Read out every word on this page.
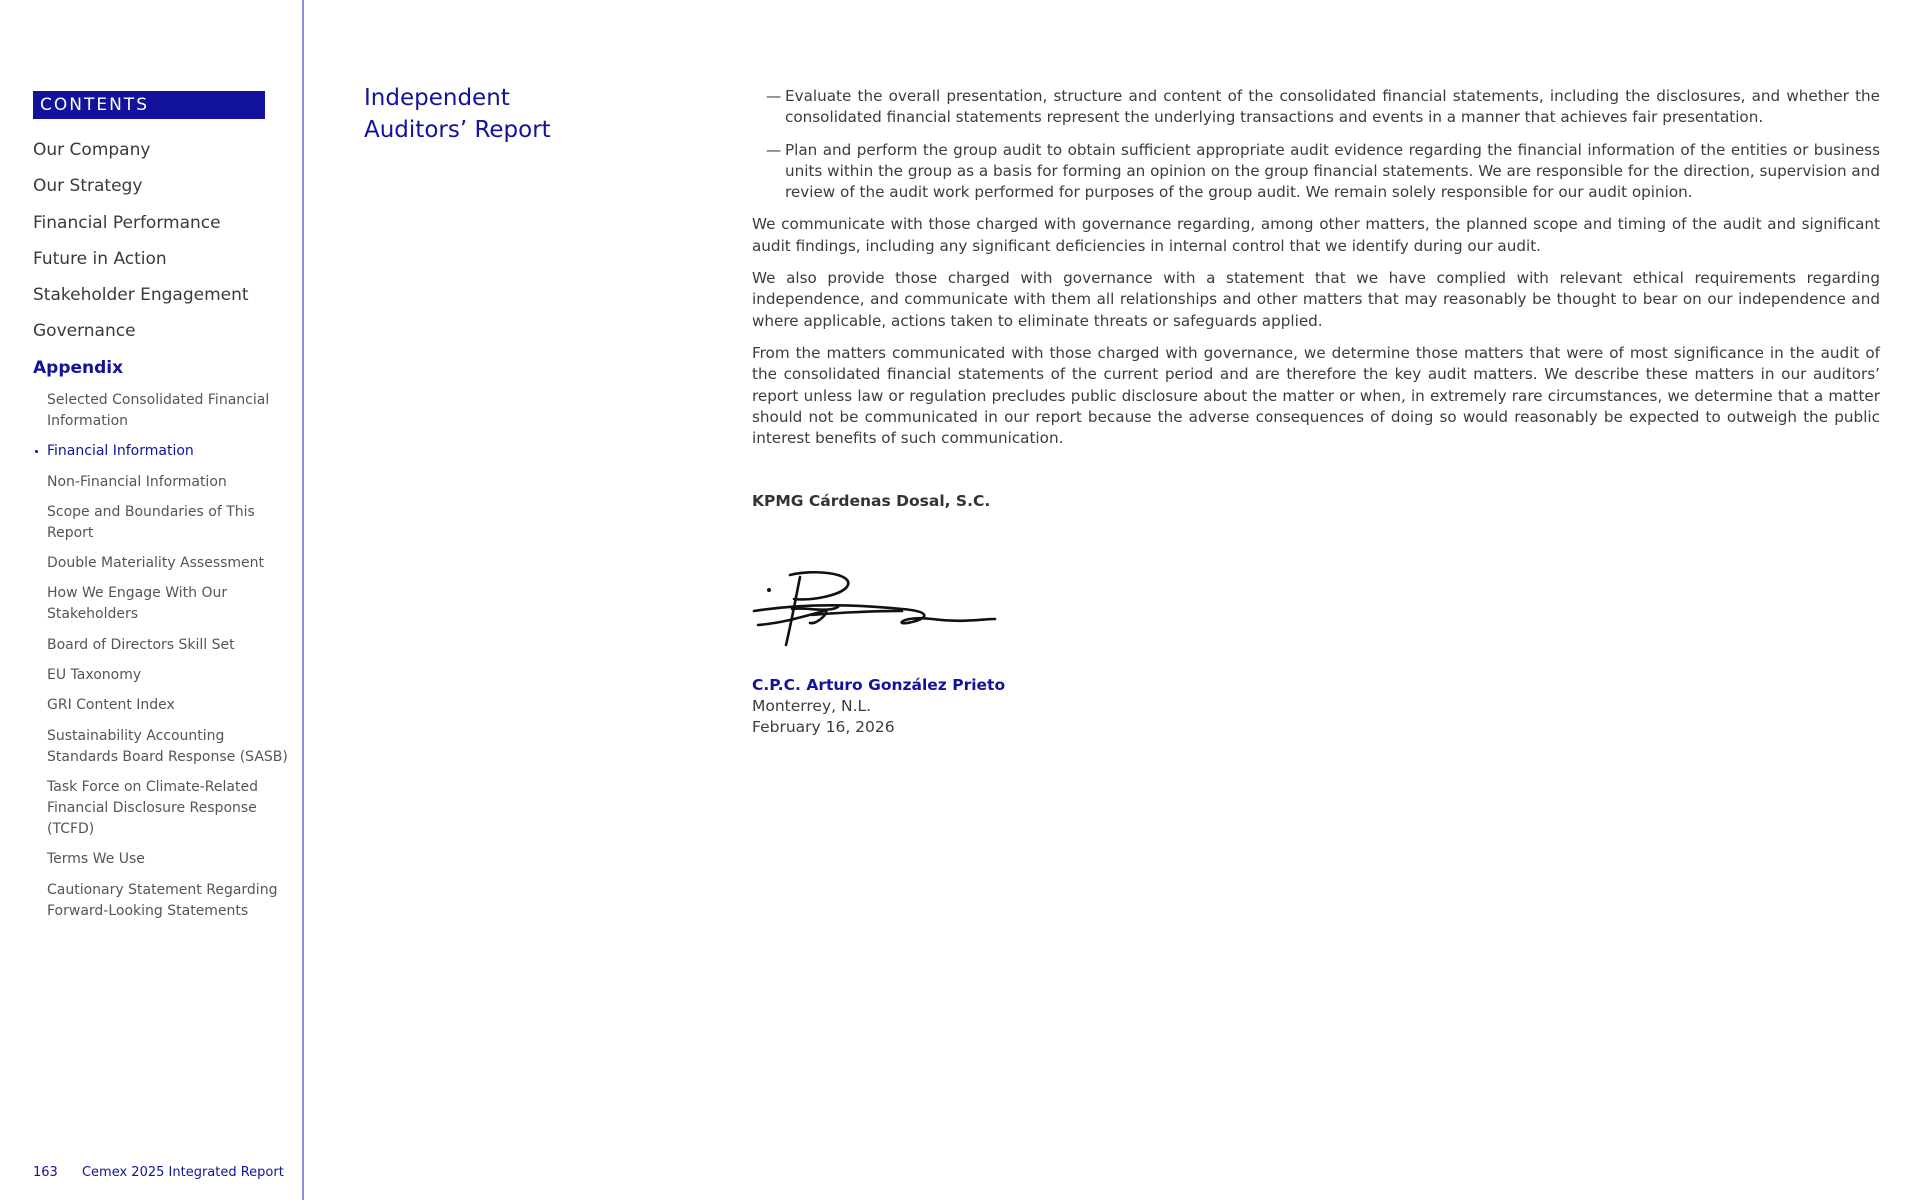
CONTENTS
Our Company
Our Strategy
Financial Performance
Future in Action
Stakeholder Engagement
Governance
Appendix
Selected Consolidated Financial Information
Financial Information
Non-Financial Information
Scope and Boundaries of This Report
Double Materiality Assessment
How We Engage With Our Stakeholders
Board of Directors Skill Set
EU Taxonomy
GRI Content Index
Sustainability Accounting Standards Board Response (SASB)
Task Force on Climate-Related Financial Disclosure Response (TCFD)
Terms We Use
Cautionary Statement Regarding Forward-Looking Statements
163 Cemex 2025 Integrated Report
Independent
Auditors’ Report

— Evaluate the overall presentation, structure and content of the consolidated financial statements, including the disclosures, and whether the consolidated financial statements represent the underlying transactions and events in a manner that achieves fair presentation.

— Plan and perform the group audit to obtain sufficient appropriate audit evidence regarding the financial information of the entities or business units within the group as a basis for forming an opinion on the group financial statements. We are responsible for the direction, supervision and review of the audit work performed for purposes of the group audit. We remain solely responsible for our audit opinion.

We communicate with those charged with governance regarding, among other matters, the planned scope and timing of the audit and significant audit findings, including any significant deficiencies in internal control that we identify during our audit.

We also provide those charged with governance with a statement that we have complied with relevant ethical requirements regarding independence, and communicate with them all relationships and other matters that may reasonably be thought to bear on our independence and where applicable, actions taken to eliminate threats or safeguards applied.

From the matters communicated with those charged with governance, we determine those matters that were of most significance in the audit of the consolidated financial statements of the current period and are therefore the key audit matters. We describe these matters in our auditors’ report unless law or regulation precludes public disclosure about the matter or when, in extremely rare circumstances, we determine that a matter should not be communicated in our report because the adverse consequences of doing so would reasonably be expected to outweigh the public interest benefits of such communication.

KPMG Cárdenas Dosal, S.C.

C.P.C. Arturo González Prieto

Monterrey, N.L.

February 16, 2026
